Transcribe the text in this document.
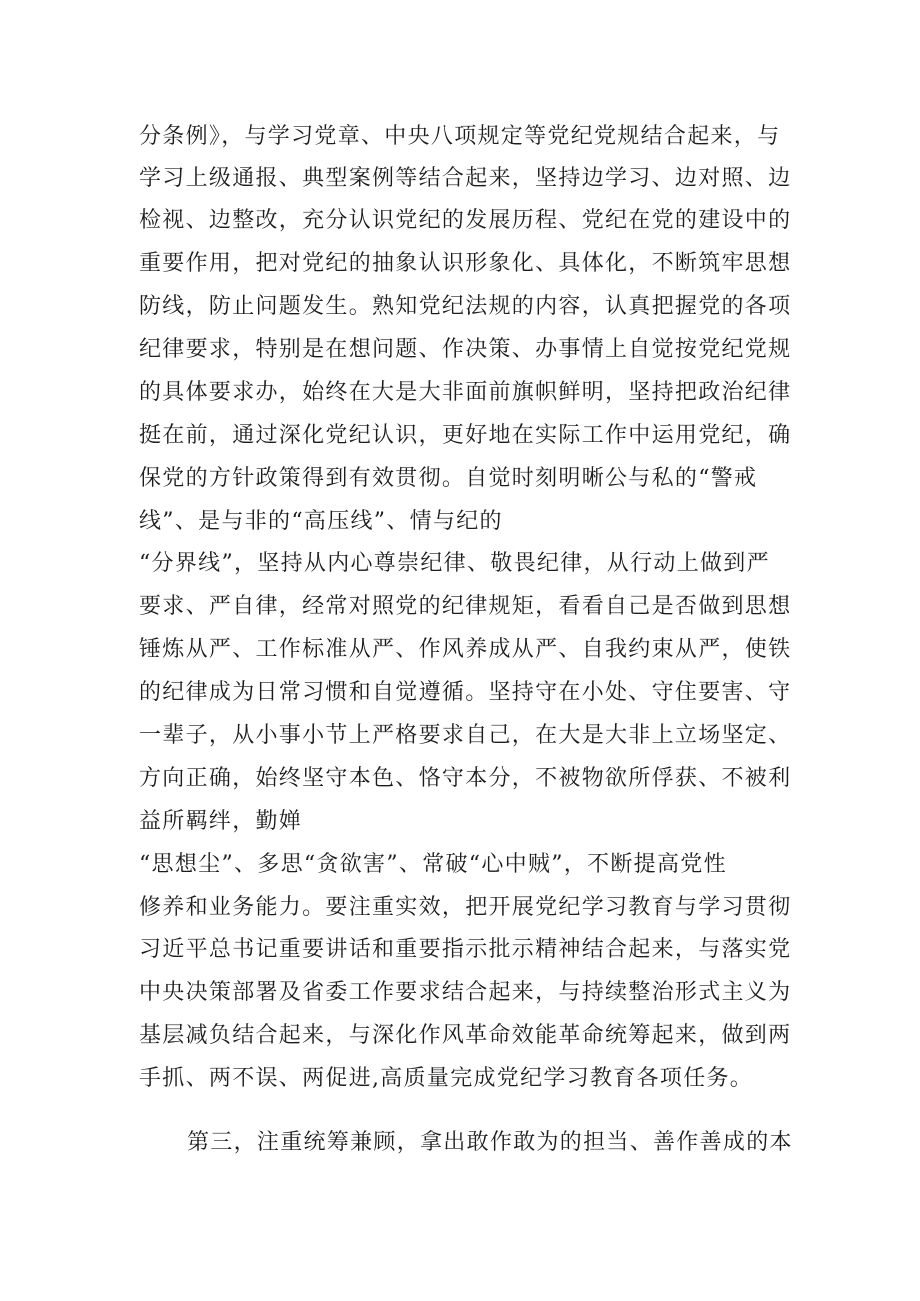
分条例》，与学习党章、中央八项规定等党纪党规结合起来，与

学习上级通报、典型案例等结合起来，坚持边学习、边对照、边

检视、边整改，充分认识党纪的发展历程、党纪在党的建设中的

重要作用，把对党纪的抽象认识形象化、具体化，不断筑牢思想

防线，防止问题发生。熟知党纪法规的内容，认真把握党的各项

纪律要求，特别是在想问题、作决策、办事情上自觉按党纪党规

的具体要求办，始终在大是大非面前旗帜鲜明，坚持把政治纪律

挺在前，通过深化党纪认识，更好地在实际工作中运用党纪，确

保党的方针政策得到有效贯彻。自觉时刻明晰公与私的“警戒

线”、是与非的“高压线”、情与纪的

“分界线”，坚持从内心尊崇纪律、敬畏纪律，从行动上做到严

要求、严自律，经常对照党的纪律规矩，看看自己是否做到思想

锤炼从严、工作标准从严、作风养成从严、自我约束从严，使铁

的纪律成为日常习惯和自觉遵循。坚持守在小处、守住要害、守

一辈子，从小事小节上严格要求自己，在大是大非上立场坚定、

方向正确，始终坚守本色、恪守本分，不被物欲所俘获、不被利

益所羁绊，勤婵

“思想尘”、多思“贪欲害”、常破“心中贼”，不断提高党性

修养和业务能力。要注重实效，把开展党纪学习教育与学习贯彻

习近平总书记重要讲话和重要指示批示精神结合起来，与落实党

中央决策部署及省委工作要求结合起来，与持续整治形式主义为

基层减负结合起来，与深化作风革命效能革命统筹起来，做到两

手抓、两不误、两促进,高质量完成党纪学习教育各项任务。

第三，注重统筹兼顾，拿出敢作敢为的担当、善作善成的本
